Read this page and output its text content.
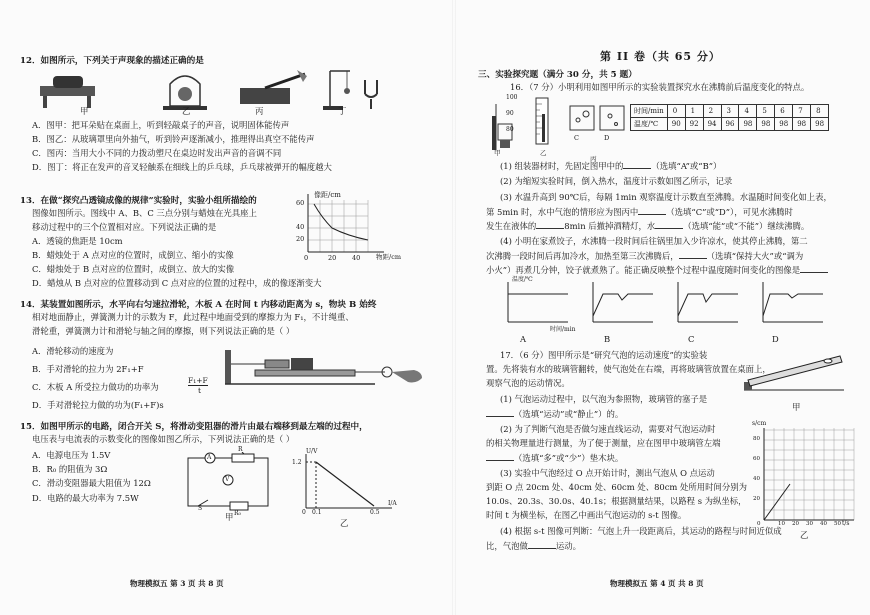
12．如图所示，下列关于声现象的描述正确的是
甲	乙	丙	丁
A．图甲：把耳朵贴在桌面上，听到轻敲桌子的声音，说明固体能传声
B．图乙：从玻璃罩里向外抽气，听到铃声逐渐减小，推理得出真空不能传声
C．图丙：当用大小不同的力拨动塑尺在桌边时发出声音的音调不同
D．图丁：将正在发声的音叉轻触系在细线上的乒乓球，乒乓球被弹开的幅度越大
13．在做“探究凸透镜成像的规律”实验时，实验小组所描绘的
图像如图所示。图线中 A、B、C 三点分别与蜡烛在光具座上
移动过程中的三个位置相对应。下列说法正确的是
A．透镜的焦距是 10cm
B．蜡烛处于 A 点对应的位置时，成倒立、缩小的实像
C．蜡烛处于 B 点对应的位置时，成倒立、放大的实像
D．蜡烛从 B 点对应的位置移动到 C 点对应的位置的过程中，成的像逐渐变大
像距/cm
物距/cm
60
40
20
0	20 40
14．某装置如图所示，水平向右匀速拉滑轮，木板 A 在时间 t 内移动距离为 s，物块 B 始终
相对地面静止，弹簧测力计的示数为 F，此过程中地面受到的摩擦力为 F₁，不计绳重、
滑轮重，弹簧测力计和滑轮与轴之间的摩擦，则下列说法正确的是（ ）
A．滑轮移动的速度为
B．手对滑轮的拉力为 2F₁+F
C．木板 A 所受拉力做功的功率为
F₁+F
t
D．手对滑轮拉力做的功为(F₁+F)s
15．如图甲所示的电路，闭合开关 S，将滑动变阻器的滑片由最右端移到最左端的过程中，
电压表与电流表的示数变化的图像如图乙所示，下列说法正确的是（ ）
A．电源电压为 1.5V
B．R₀ 的阻值为 3Ω
C．滑动变阻器最大阻值为 12Ω
D．电路的最大功率为 7.5W
A
V
R
S
R₀
甲
U/V
I/A
1.2
0 0.1	0.5
乙
物理模拟五 第 3 页 共 8 页
第 II 卷（共 65 分）
三、实验探究题（满分 30 分，共 5 题）
16．（7 分）小明利用如图甲所示的实验装置探究水在沸腾前后温度变化的特点。
100
90
80
甲	乙
丙
C	D
时间/min	0	1	2	3	4	5	6	7	8
温度/℃	90	92	94	96	98	98	98	98	98
(1) 组装器材时，先固定图甲中的	（选填“A”或“B”）
(2) 为缩短实验时间，倒入热水，温度计示数如图乙所示，记录
(3) 水温升高到 90℃后，每隔 1min 观察温度计示数直至沸腾。水温随时间变化如上表，
第 5min 时，水中气泡的情形应为图丙中	（选填“C”或“D”），可见水沸腾时
发生在液体的	8min 后撤掉酒精灯，水	（选填“能”或“不能”）继续沸腾。
(4) 小明在家煮饺子，水沸腾一段时间后往锅里加入少许凉水，使其停止沸腾，第二
次沸腾一段时间后再加冷水，加热至第三次沸腾后，	（选填“保持大火”或“调为
小火”）再煮几分钟，饺子就煮熟了。能正确反映整个过程中温度随时间变化的图像是
温度/℃
时间/min
A	B	C	D
17．（6 分）图甲所示是“研究气泡的运动速度”的实验装
置。先将装有水的玻璃管翻转，使气泡处在右端，再将玻璃管放置在桌面上，
观察气泡的运动情况。
(1) 气泡运动过程中，以气泡为参照物，玻璃管的塞子是
（选填“运动”或“静止”）的。
(2) 为了判断气泡是否做匀速直线运动，需要对气泡运动时
的相关物理量进行测量，为了便于测量，应在图甲中玻璃管左端
（选填“多”或“少”）垫木块。
(3) 实验中气泡经过 O 点开始计时，测出气泡从 O 点运动
到距 O 点 20cm 处、40cm 处、60cm 处、80cm 处所用时间分别为
10.0s、20.3s、30.0s、40.1s；根据测量结果，以路程 s 为纵坐标，
时间 t 为横坐标，在图乙中画出气泡运动的 s-t 图像。
(4) 根据 s-t 图像可判断：气泡上升一段距离后，其运动的路程与时间近似成
比，气泡做	运动。
甲
s/cm
t/s
80
60
40
20
0	10 20 30 40 50
乙
物理模拟五 第 4 页 共 8 页
